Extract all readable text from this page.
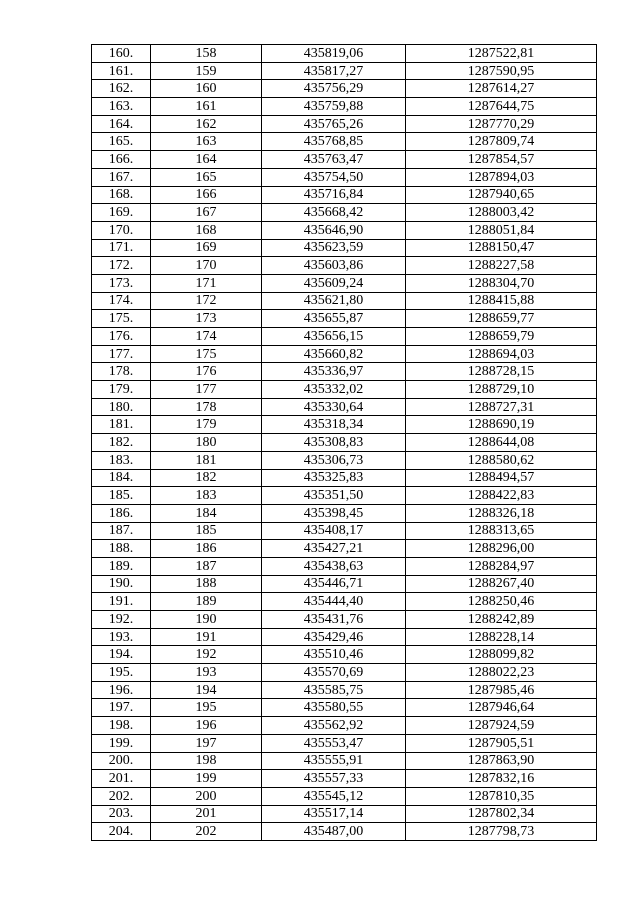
160.	158	435819,06	1287522,81
161.	159	435817,27	1287590,95
162.	160	435756,29	1287614,27
163.	161	435759,88	1287644,75
164.	162	435765,26	1287770,29
165.	163	435768,85	1287809,74
166.	164	435763,47	1287854,57
167.	165	435754,50	1287894,03
168.	166	435716,84	1287940,65
169.	167	435668,42	1288003,42
170.	168	435646,90	1288051,84
171.	169	435623,59	1288150,47
172.	170	435603,86	1288227,58
173.	171	435609,24	1288304,70
174.	172	435621,80	1288415,88
175.	173	435655,87	1288659,77
176.	174	435656,15	1288659,79
177.	175	435660,82	1288694,03
178.	176	435336,97	1288728,15
179.	177	435332,02	1288729,10
180.	178	435330,64	1288727,31
181.	179	435318,34	1288690,19
182.	180	435308,83	1288644,08
183.	181	435306,73	1288580,62
184.	182	435325,83	1288494,57
185.	183	435351,50	1288422,83
186.	184	435398,45	1288326,18
187.	185	435408,17	1288313,65
188.	186	435427,21	1288296,00
189.	187	435438,63	1288284,97
190.	188	435446,71	1288267,40
191.	189	435444,40	1288250,46
192.	190	435431,76	1288242,89
193.	191	435429,46	1288228,14
194.	192	435510,46	1288099,82
195.	193	435570,69	1288022,23
196.	194	435585,75	1287985,46
197.	195	435580,55	1287946,64
198.	196	435562,92	1287924,59
199.	197	435553,47	1287905,51
200.	198	435555,91	1287863,90
201.	199	435557,33	1287832,16
202.	200	435545,12	1287810,35
203.	201	435517,14	1287802,34
204.	202	435487,00	1287798,73
